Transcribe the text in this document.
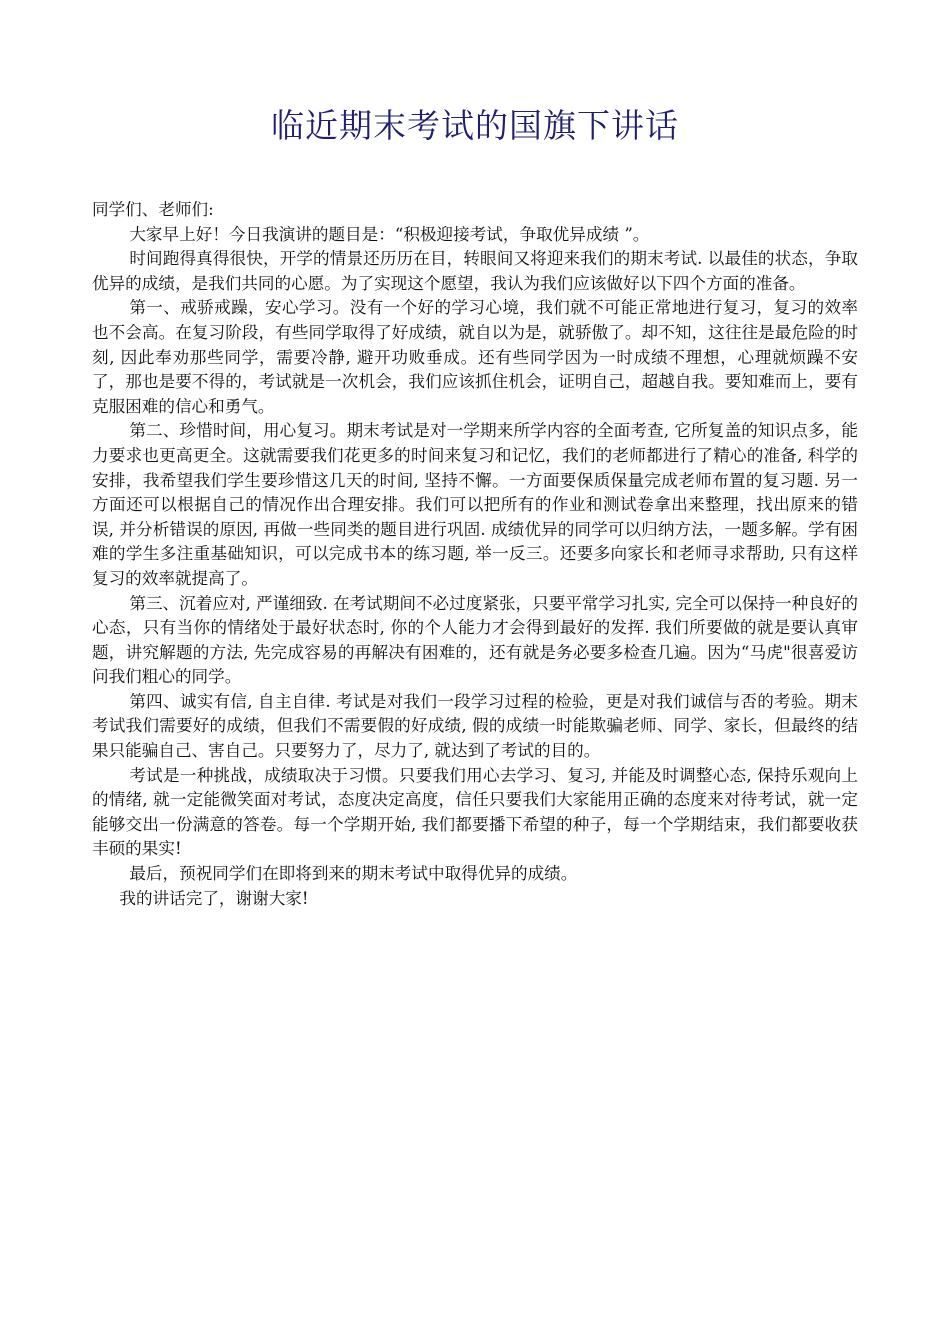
临近期末考试的国旗下讲话

同学们、老师们:

大家早上好！今日我演讲的题目是：“积极迎接考试，争取优异成绩 ”。

时间跑得真得很快，开学的情景还历历在目，转眼间又将迎来我们的期末考试. 以最佳的状态，争取优异的成绩，是我们共同的心愿。为了实现这个愿望，我认为我们应该做好以下四个方面的准备。

第一、戒骄戒躁，安心学习。没有一个好的学习心境，我们就不可能正常地进行复习，复习的效率也不会高。在复习阶段，有些同学取得了好成绩，就自以为是，就骄傲了。却不知，这往往是最危险的时刻, 因此奉劝那些同学，需要冷静, 避开功败垂成。还有些同学因为一时成绩不理想，心理就烦躁不安了，那也是要不得的，考试就是一次机会，我们应该抓住机会，证明自己，超越自我。要知难而上，要有克服困难的信心和勇气。

第二、珍惜时间，用心复习。期末考试是对一学期来所学内容的全面考查, 它所复盖的知识点多，能力要求也更高更全。这就需要我们花更多的时间来复习和记忆，我们的老师都进行了精心的准备, 科学的安排，我希望我们学生要珍惜这几天的时间, 坚持不懈。一方面要保质保量完成老师布置的复习题. 另一方面还可以根据自己的情况作出合理安排。我们可以把所有的作业和测试卷拿出来整理，找出原来的错误, 并分析错误的原因, 再做一些同类的题目进行巩固. 成绩优异的同学可以归纳方法，一题多解。学有困难的学生多注重基础知识，可以完成书本的练习题, 举一反三。还要多向家长和老师寻求帮助, 只有这样复习的效率就提高了。

第三、沉着应对, 严谨细致. 在考试期间不必过度紧张，只要平常学习扎实, 完全可以保持一种良好的心态，只有当你的情绪处于最好状态时, 你的个人能力才会得到最好的发挥. 我们所要做的就是要认真审题，讲究解题的方法, 先完成容易的再解决有困难的，还有就是务必要多检查几遍。因为“马虎"很喜爱访问我们粗心的同学。

第四、诚实有信, 自主自律. 考试是对我们一段学习过程的检验，更是对我们诚信与否的考验。期末考试我们需要好的成绩，但我们不需要假的好成绩, 假的成绩一时能欺骗老师、同学、家长，但最终的结果只能骗自己、害自己。只要努力了，尽力了, 就达到了考试的目的。

考试是一种挑战，成绩取决于习惯。只要我们用心去学习、复习, 并能及时调整心态, 保持乐观向上的情绪, 就一定能微笑面对考试，态度决定高度，信任只要我们大家能用正确的态度来对待考试，就一定能够交出一份满意的答卷。每一个学期开始, 我们都要播下希望的种子，每一个学期结束，我们都要收获丰硕的果实!

最后，预祝同学们在即将到来的期末考试中取得优异的成绩。

我的讲话完了，谢谢大家!
